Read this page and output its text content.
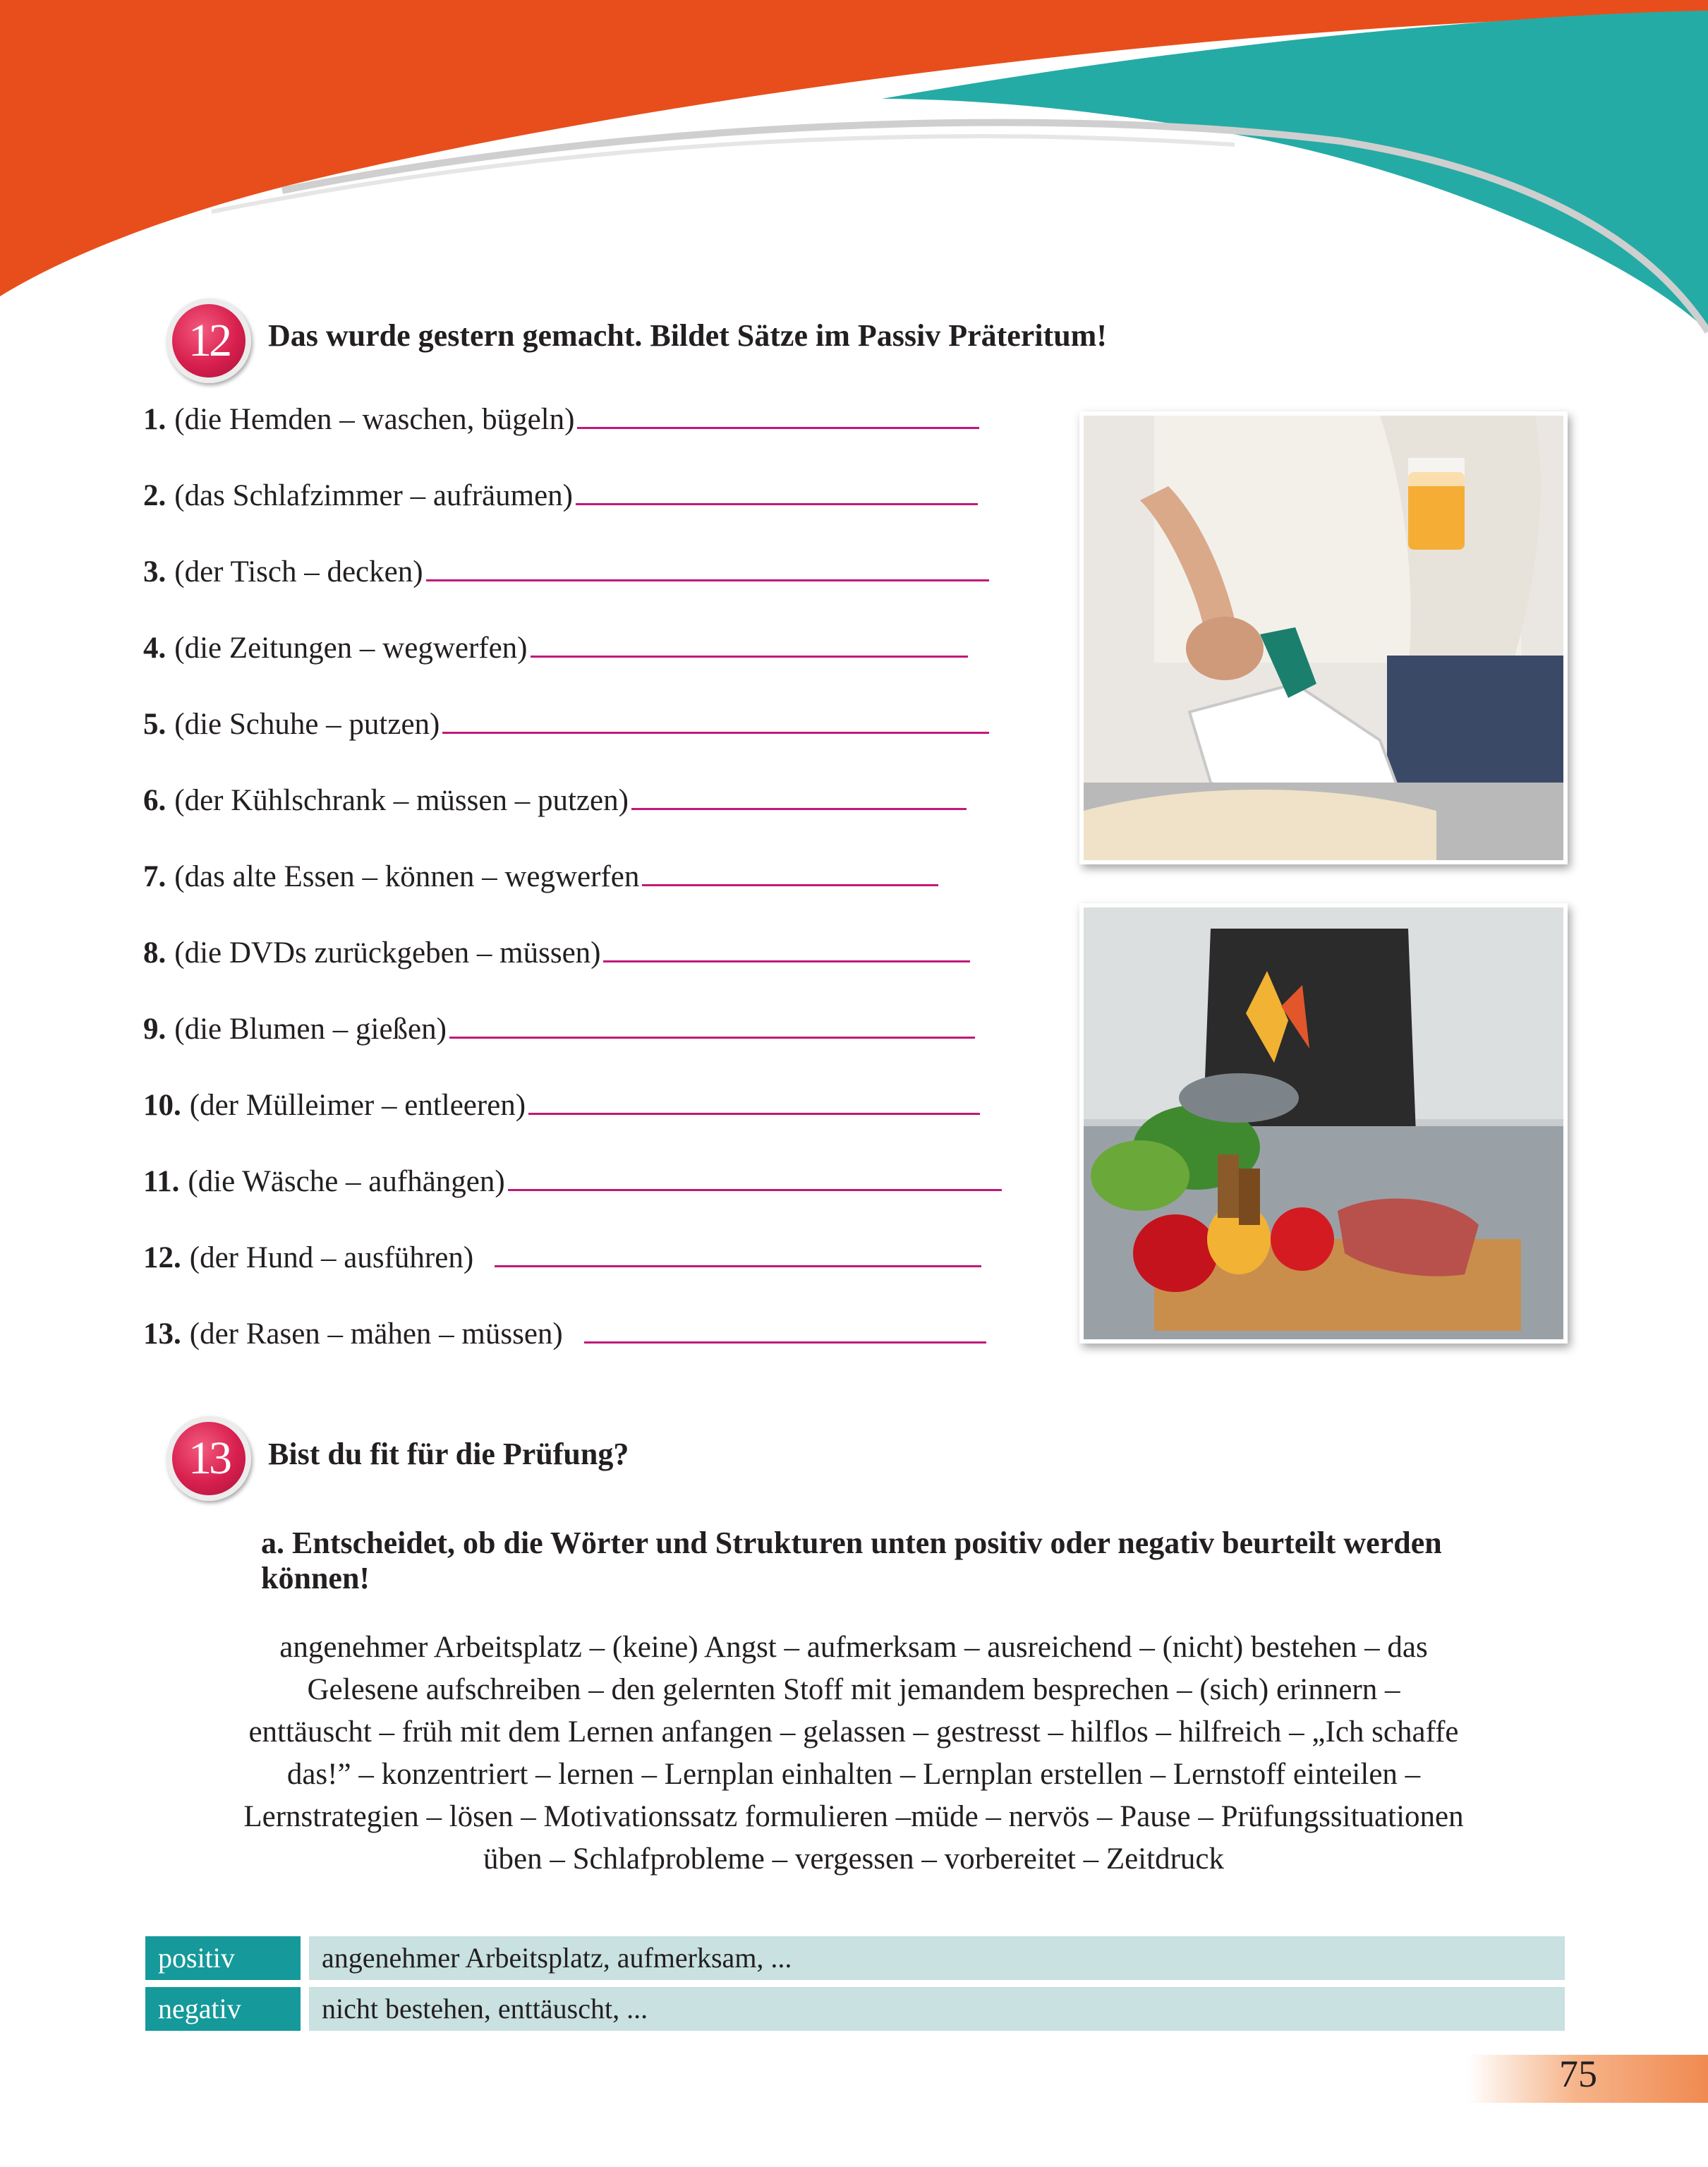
12	Das wurde gestern gemacht. Bildet Sätze im Passiv Präteritum!
1. (die Hemden – waschen, bügeln)
2. (das Schlafzimmer – aufräumen)
3. (der Tisch – decken)
4. (die Zeitungen – wegwerfen)
5. (die Schuhe – putzen)
6. (der Kühlschrank – müssen – putzen)
7. (das alte Essen – können – wegwerfen
8. (die DVDs zurückgeben – müssen)
9. (die Blumen – gießen)
10. (der Mülleimer – entleeren)
11. (die Wäsche – aufhängen)
12. (der Hund – ausführen)
13. (der Rasen – mähen – müssen)
13	Bist du fit für die Prüfung?
a. Entscheidet, ob die Wörter und Strukturen unten positiv oder negativ beurteilt werden können!
angenehmer Arbeitsplatz – (keine) Angst – aufmerksam – ausreichend – (nicht) bestehen – das
Gelesene aufschreiben – den gelernten Stoff mit jemandem besprechen – (sich) erinnern –
enttäuscht – früh mit dem Lernen anfangen – gelassen – gestresst – hilflos – hilfreich – „Ich schaffe
das!” – konzentriert – lernen – Lernplan einhalten – Lernplan erstellen – Lernstoff einteilen –
Lernstrategien – lösen – Motivationssatz formulieren –müde – nervös – Pause – Prüfungssituationen
üben – Schlafprobleme – vergessen – vorbereitet – Zeitdruck
positiv	angenehmer Arbeitsplatz, aufmerksam, ...
negativ	nicht bestehen, enttäuscht, ...
75
